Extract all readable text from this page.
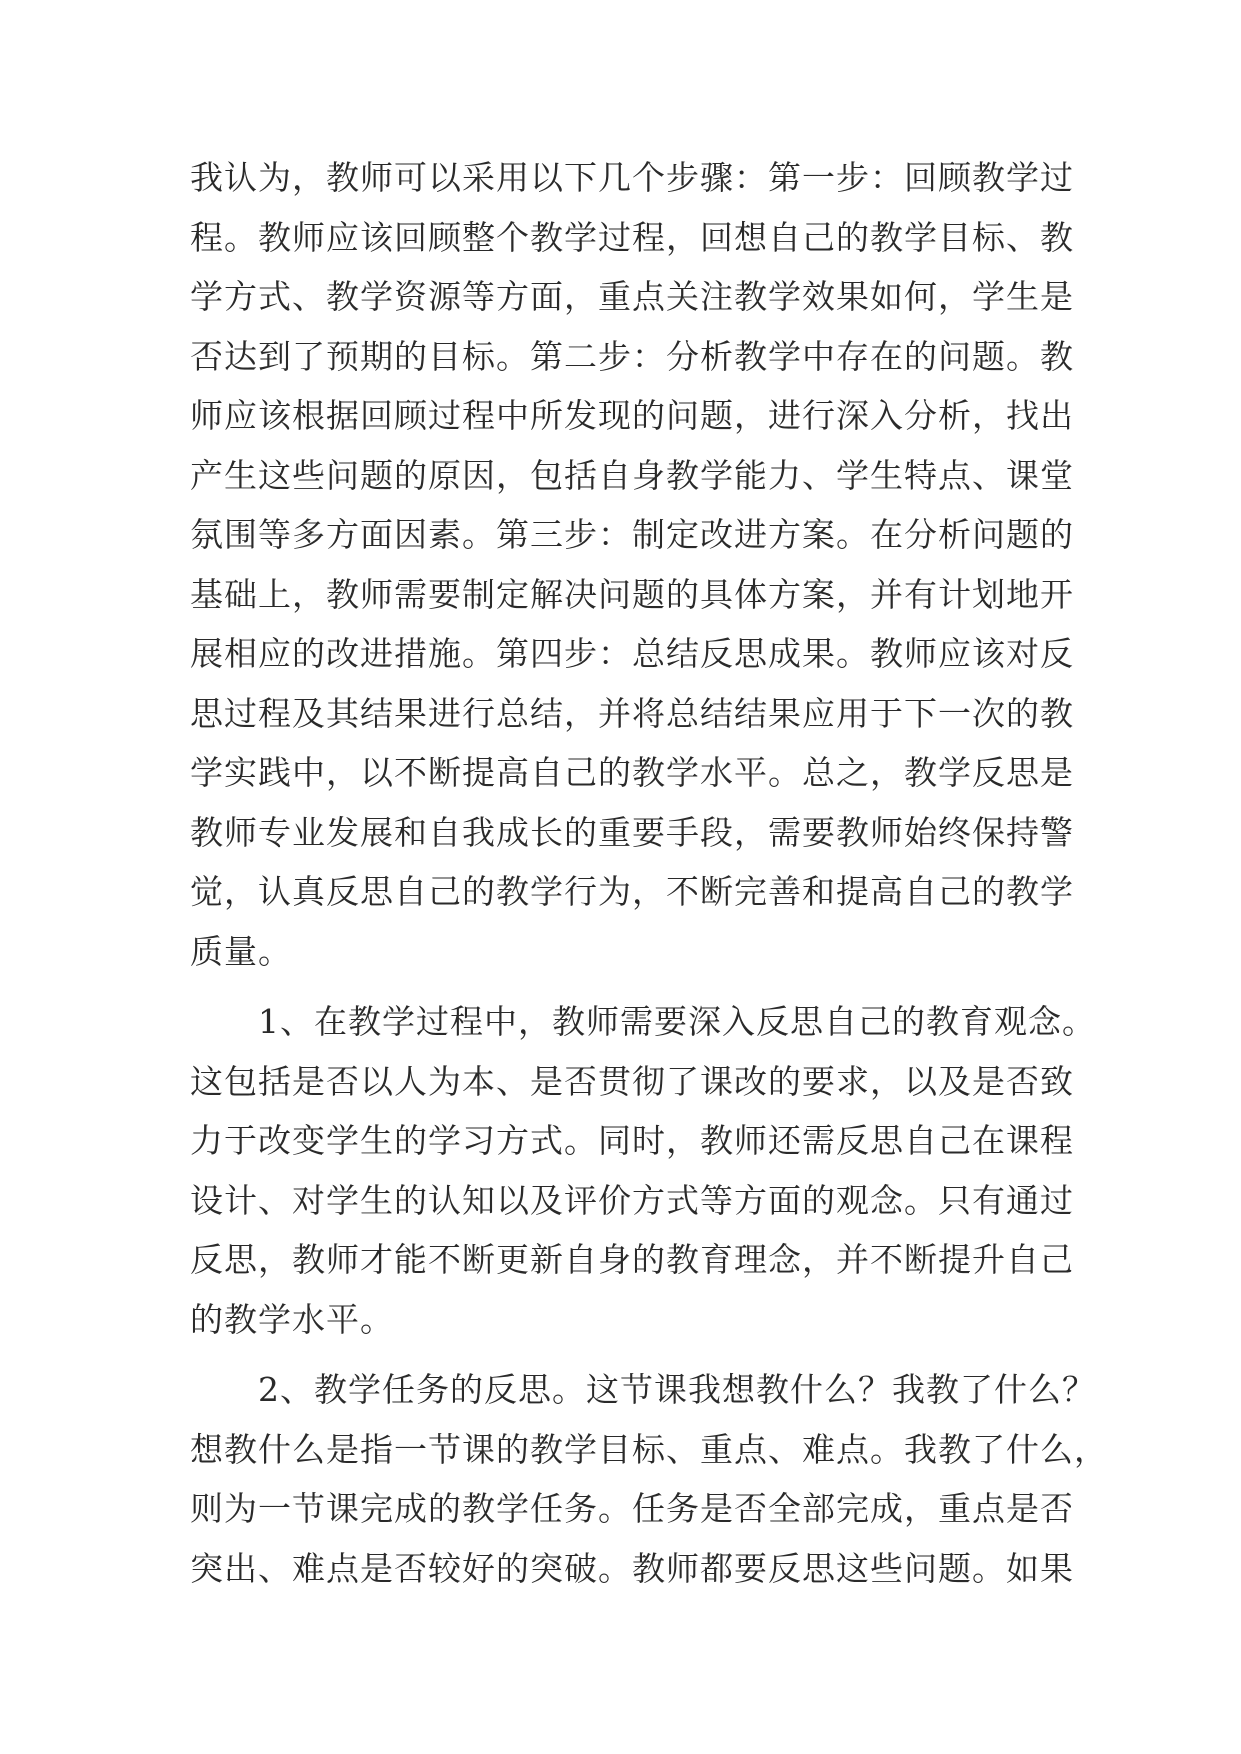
我认为，教师可以采用以下几个步骤：第一步：回顾教学过
程。教师应该回顾整个教学过程，回想自己的教学目标、教
学方式、教学资源等方面，重点关注教学效果如何，学生是
否达到了预期的目标。第二步：分析教学中存在的问题。教
师应该根据回顾过程中所发现的问题，进行深入分析，找出
产生这些问题的原因，包括自身教学能力、学生特点、课堂
氛围等多方面因素。第三步：制定改进方案。在分析问题的
基础上，教师需要制定解决问题的具体方案，并有计划地开
展相应的改进措施。第四步：总结反思成果。教师应该对反
思过程及其结果进行总结，并将总结结果应用于下一次的教
学实践中，以不断提高自己的教学水平。总之，教学反思是
教师专业发展和自我成长的重要手段，需要教师始终保持警
觉，认真反思自己的教学行为，不断完善和提高自己的教学
质量。
　　1、在教学过程中，教师需要深入反思自己的教育观念。
这包括是否以人为本、是否贯彻了课改的要求，以及是否致
力于改变学生的学习方式。同时，教师还需反思自己在课程
设计、对学生的认知以及评价方式等方面的观念。只有通过
反思，教师才能不断更新自身的教育理念，并不断提升自己
的教学水平。
　　2、教学任务的反思。这节课我想教什么？我教了什么？
想教什么是指一节课的教学目标、重点、难点。我教了什么，
则为一节课完成的教学任务。任务是否全部完成，重点是否
突出、难点是否较好的突破。教师都要反思这些问题。如果
